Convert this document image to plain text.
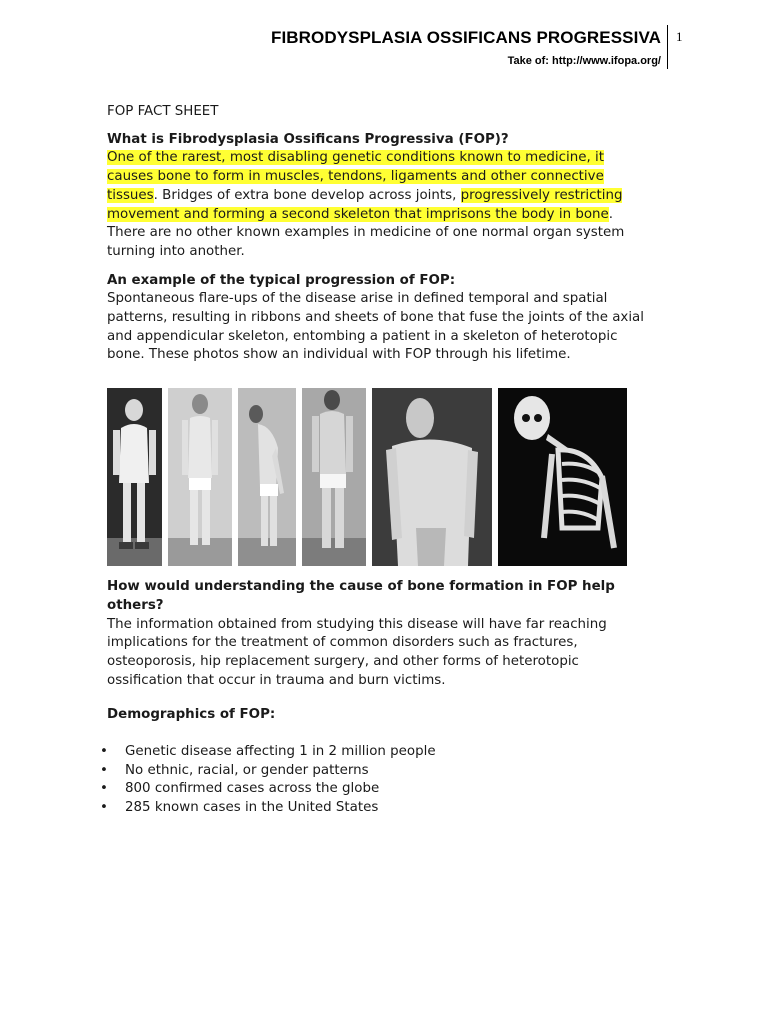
FIBRODYSPLASIA OSSIFICANS PROGRESSIVA
Take of: http://www.ifopa.org/
1

FOP FACT SHEET

What is Fibrodysplasia Ossificans Progressiva (FOP)?

One of the rarest, most disabling genetic conditions known to medicine, it causes bone to form in muscles, tendons, ligaments and other connective tissues. Bridges of extra bone develop across joints, progressively restricting movement and forming a second skeleton that imprisons the body in bone. There are no other known examples in medicine of one normal organ system turning into another.

An example of the typical progression of FOP:

Spontaneous flare-ups of the disease arise in defined temporal and spatial patterns, resulting in ribbons and sheets of bone that fuse the joints of the axial and appendicular skeleton, entombing a patient in a skeleton of heterotopic bone. These photos show an individual with FOP through his lifetime.

How would understanding the cause of bone formation in FOP help others?

The information obtained from studying this disease will have far reaching implications for the treatment of common disorders such as fractures, osteoporosis, hip replacement surgery, and other forms of heterotopic ossification that occur in trauma and burn victims.

Demographics of FOP:

• Genetic disease affecting 1 in 2 million people
• No ethnic, racial, or gender patterns
• 800 confirmed cases across the globe
• 285 known cases in the United States
